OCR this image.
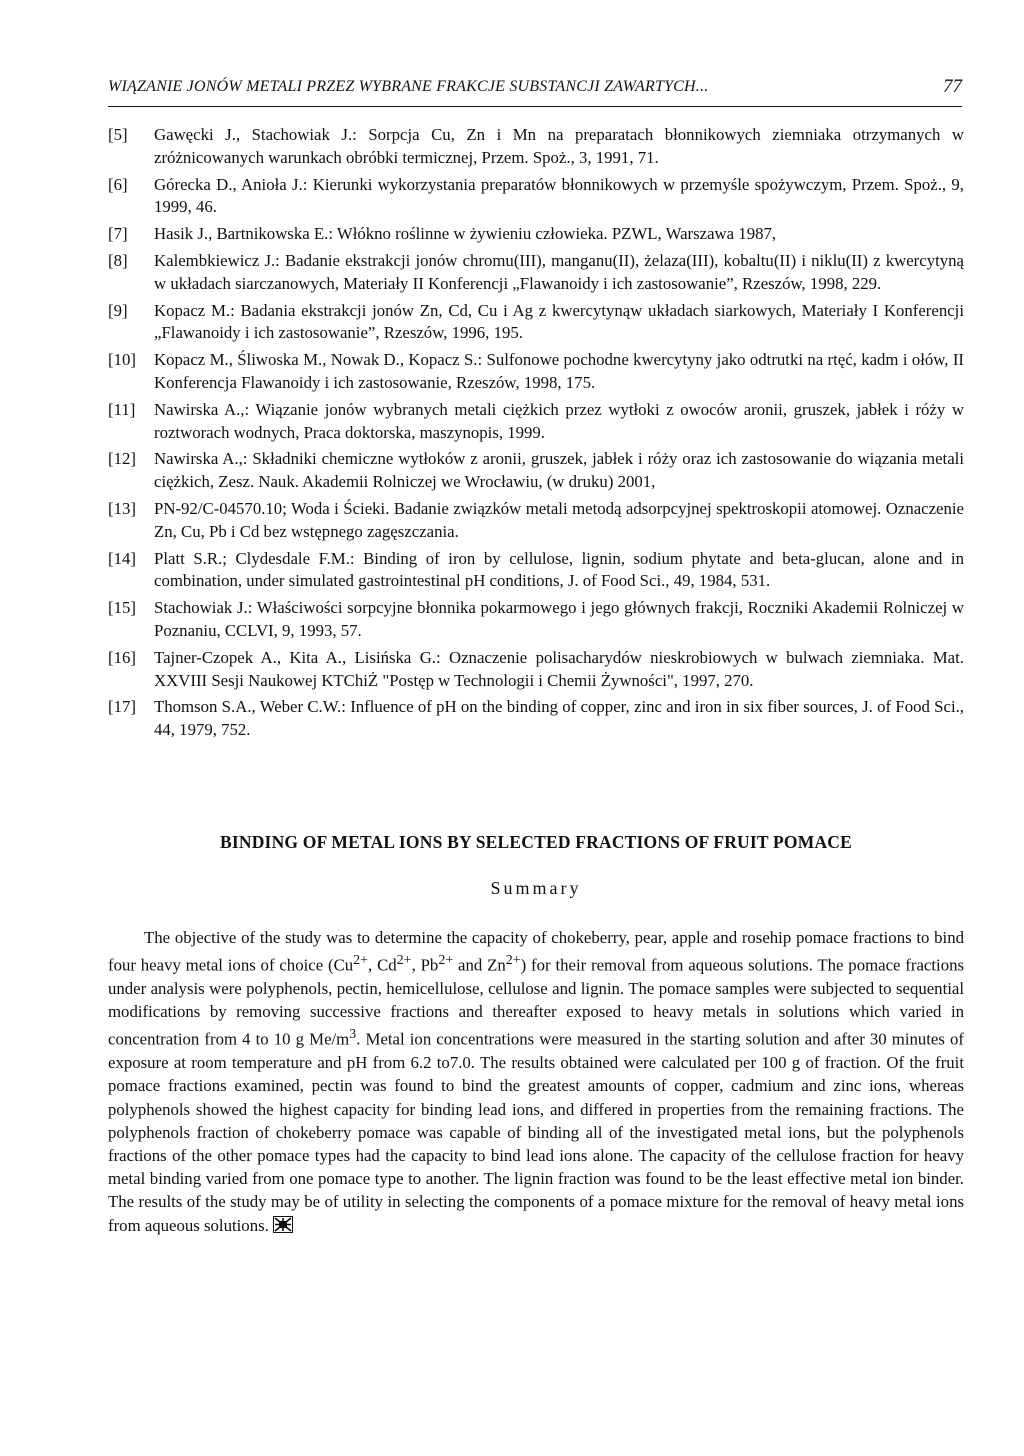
WIĄZANIE JONÓW METALI PRZEZ WYBRANE FRAKCJE SUBSTANCJI ZAWARTYCH...	77
[5]	Gawęcki J., Stachowiak J.: Sorpcja Cu, Zn i Mn na preparatach błonnikowych ziemniaka otrzymanych w zróżnicowanych warunkach obróbki termicznej, Przem. Spoż., 3, 1991, 71.
[6]	Górecka D., Anioła J.: Kierunki wykorzystania preparatów błonnikowych w przemyśle spożywczym, Przem. Spoż., 9, 1999, 46.
[7]	Hasik J., Bartnikowska E.: Włókno roślinne w żywieniu człowieka. PZWL, Warszawa 1987,
[8]	Kalembkiewicz J.: Badanie ekstrakcji jonów chromu(III), manganu(II), żelaza(III), kobaltu(II) i niklu(II) z kwercytyną w układach siarczanowych, Materiały II Konferencji „Flawanoidy i ich zastosowanie”, Rzeszów, 1998, 229.
[9]	Kopacz M.: Badania ekstrakcji jonów Zn, Cd, Cu i Ag z kwercytynąw układach siarkowych, Materiały I Konferencji „Flawanoidy i ich zastosowanie”, Rzeszów, 1996, 195.
[10]	Kopacz M., Śliwoska M., Nowak D., Kopacz S.: Sulfonowe pochodne kwercytyny jako odtrutki na rtęć, kadm i ołów, II Konferencja Flawanoidy i ich zastosowanie, Rzeszów, 1998, 175.
[11]	Nawirska A.,: Wiązanie jonów wybranych metali ciężkich przez wytłoki z owoców aronii, gruszek, jabłek i róży w roztworach wodnych, Praca doktorska, maszynopis, 1999.
[12]	Nawirska A.,: Składniki chemiczne wytłoków z aronii, gruszek, jabłek i róży oraz ich zastosowanie do wiązania metali ciężkich, Zesz. Nauk. Akademii Rolniczej we Wrocławiu, (w druku) 2001,
[13]	PN-92/C-04570.10; Woda i Ścieki. Badanie związków metali metodą adsorpcyjnej spektroskopii atomowej. Oznaczenie Zn, Cu, Pb i Cd bez wstępnego zagęszczania.
[14]	Platt S.R.; Clydesdale F.M.: Binding of iron by cellulose, lignin, sodium phytate and beta-glucan, alone and in combination, under simulated gastrointestinal pH conditions, J. of Food Sci., 49, 1984, 531.
[15]	Stachowiak J.: Właściwości sorpcyjne błonnika pokarmowego i jego głównych frakcji, Roczniki Akademii Rolniczej w Poznaniu, CCLVI, 9, 1993, 57.
[16]	Tajner-Czopek A., Kita A., Lisińska G.: Oznaczenie polisacharydów nieskrobiowych w bulwach ziemniaka. Mat. XXVIII Sesji Naukowej KTChiŻ "Postęp w Technologii i Chemii Żywności", 1997, 270.
[17]	Thomson S.A., Weber C.W.: Influence of pH on the binding of copper, zinc and iron in six fiber sources, J. of Food Sci., 44, 1979, 752.
BINDING OF METAL IONS BY SELECTED FRACTIONS OF FRUIT POMACE
Summary

The objective of the study was to determine the capacity of chokeberry, pear, apple and rosehip pomace fractions to bind four heavy metal ions of choice ($Cu^{2+}$, $Cd^{2+}$, $Pb^{2+}$ and $Zn^{2+}$) for their removal from aqueous solutions. The pomace fractions under analysis were polyphenols, pectin, hemicellulose, cellulose and lignin. The pomace samples were subjected to sequential modifications by removing successive fractions and thereafter exposed to heavy metals in solutions which varied in concentration from 4 to 10 g $Me/m^3$. Metal ion concentrations were measured in the starting solution and after 30 minutes of exposure at room temperature and pH from 6.2 to7.0. The results obtained were calculated per 100 g of fraction. Of the fruit pomace fractions examined, pectin was found to bind the greatest amounts of copper, cadmium and zinc ions, whereas polyphenols showed the highest capacity for binding lead ions, and differed in properties from the remaining fractions. The polyphenols fraction of chokeberry pomace was capable of binding all of the investigated metal ions, but the polyphenols fractions of the other pomace types had the capacity to bind lead ions alone. The capacity of the cellulose fraction for heavy metal binding varied from one pomace type to another. The lignin fraction was found to be the least effective metal ion binder. The results of the study may be of utility in selecting the components of a pomace mixture for the removal of heavy metal ions from aqueous solutions.
